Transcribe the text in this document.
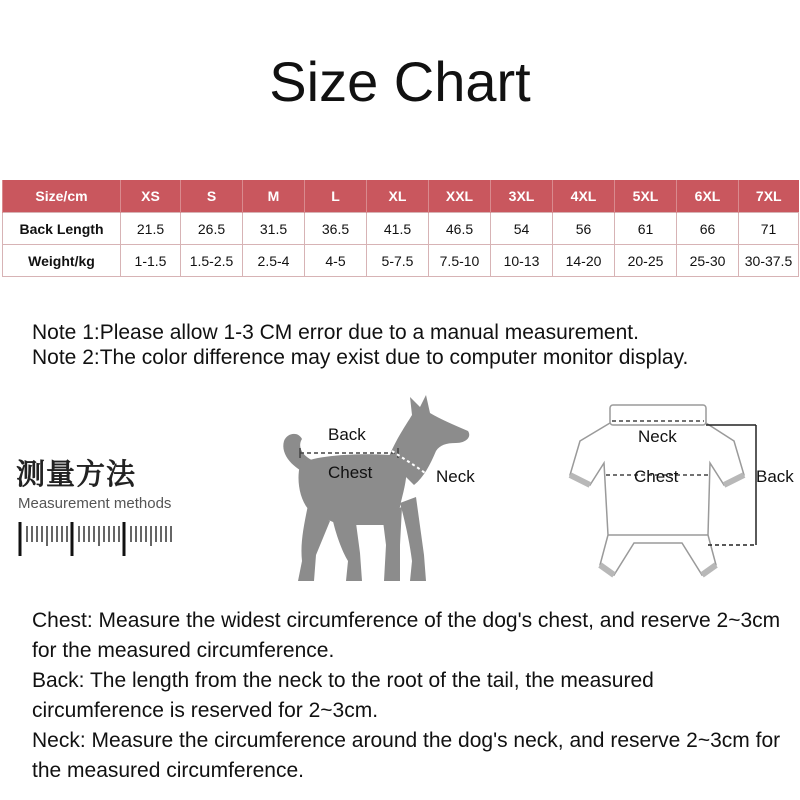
Size Chart
Size/cm	XS	S	M	L	XL	XXL	3XL	4XL	5XL	6XL	7XL
Back Length	21.5	26.5	31.5	36.5	41.5	46.5	54	56	61	66	71
Weight/kg	1-1.5	1.5-2.5	2.5-4	4-5	5-7.5	7.5-10	10-13	14-20	20-25	25-30	30-37.5
Note 1:Please allow 1-3 CM error due to a manual measurement.
Note 2:The color difference may exist due to computer monitor display.
测量方法
Measurement methods
Back
Chest	Neck
Neck
Chest	Back

Chest: Measure the widest circumference of the dog's chest, and reserve 2~3cm for the measured circumference.

Back: The length from the neck to the root of the tail, the measured circumference is reserved for 2~3cm.

Neck: Measure the circumference around the dog's neck, and reserve 2~3cm for the measured circumference.
